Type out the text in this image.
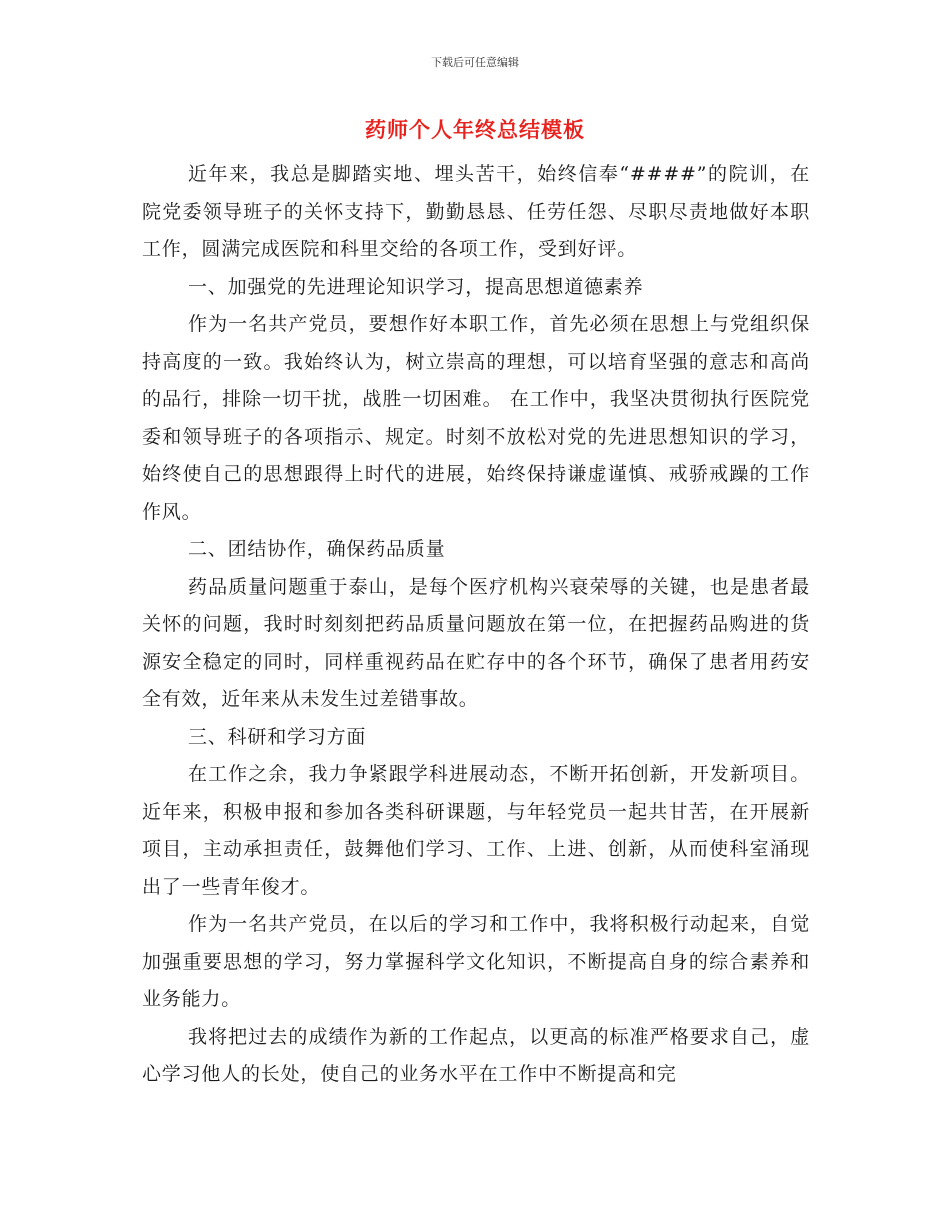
下载后可任意编辑
药师个人年终总结模板

近年来，我总是脚踏实地、埋头苦干，始终信奉“####”的院训，在院党委领导班子的关怀支持下，勤勤恳恳、任劳任怨、尽职尽责地做好本职工作，圆满完成医院和科里交给的各项工作，受到好评。

一、加强党的先进理论知识学习，提高思想道德素养

作为一名共产党员，要想作好本职工作，首先必须在思想上与党组织保持高度的一致。我始终认为，树立崇高的理想，可以培育坚强的意志和高尚的品行，排除一切干扰，战胜一切困难。 在工作中，我坚决贯彻执行医院党委和领导班子的各项指示、规定。时刻不放松对党的先进思想知识的学习，始终使自己的思想跟得上时代的进展，始终保持谦虚谨慎、戒骄戒躁的工作作风。

二、团结协作，确保药品质量

药品质量问题重于泰山，是每个医疗机构兴衰荣辱的关键，也是患者最关怀的问题，我时时刻刻把药品质量问题放在第一位，在把握药品购进的货源安全稳定的同时，同样重视药品在贮存中的各个环节，确保了患者用药安全有效，近年来从未发生过差错事故。

三、科研和学习方面

在工作之余，我力争紧跟学科进展动态，不断开拓创新，开发新项目。近年来，积极申报和参加各类科研课题，与年轻党员一起共甘苦，在开展新项目，主动承担责任，鼓舞他们学习、工作、上进、创新，从而使科室涌现出了一些青年俊才。

作为一名共产党员，在以后的学习和工作中，我将积极行动起来，自觉加强重要思想的学习，努力掌握科学文化知识，不断提高自身的综合素养和业务能力。

我将把过去的成绩作为新的工作起点，以更高的标准严格要求自己，虚心学习他人的长处，使自己的业务水平在工作中不断提高和完
